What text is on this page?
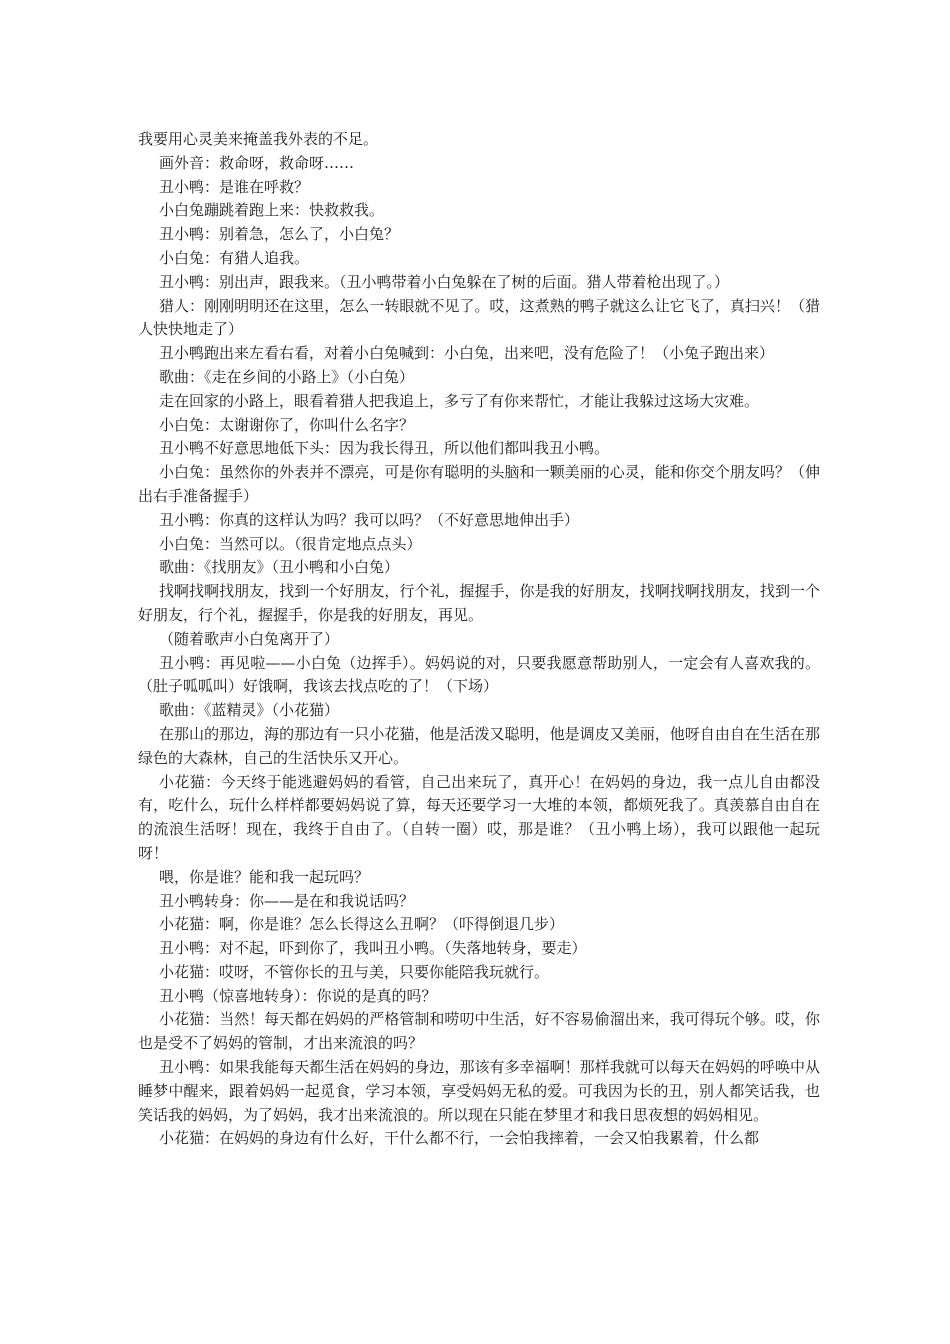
我要用心灵美来掩盖我外表的不足。

画外音：救命呀，救命呀……

丑小鸭：是谁在呼救？

小白兔蹦跳着跑上来：快救救我。

丑小鸭：别着急，怎么了，小白兔？

小白兔：有猎人追我。

丑小鸭：别出声，跟我来。（丑小鸭带着小白兔躲在了树的后面。猎人带着枪出现了。）

猎人：刚刚明明还在这里，怎么一转眼就不见了。哎，这煮熟的鸭子就这么让它飞了，真扫兴！（猎人快快地走了）

丑小鸭跑出来左看右看，对着小白兔喊到：小白兔，出来吧，没有危险了！（小兔子跑出来）

歌曲：《走在乡间的小路上》（小白兔）

走在回家的小路上，眼看着猎人把我追上，多亏了有你来帮忙，才能让我躲过这场大灾难。

小白兔：太谢谢你了，你叫什么名字？

丑小鸭不好意思地低下头：因为我长得丑，所以他们都叫我丑小鸭。

小白兔：虽然你的外表并不漂亮，可是你有聪明的头脑和一颗美丽的心灵，能和你交个朋友吗？（伸出右手准备握手）

丑小鸭：你真的这样认为吗？我可以吗？（不好意思地伸出手）

小白兔：当然可以。（很肯定地点点头）

歌曲：《找朋友》（丑小鸭和小白兔）

找啊找啊找朋友，找到一个好朋友，行个礼，握握手，你是我的好朋友，找啊找啊找朋友，找到一个好朋友，行个礼，握握手，你是我的好朋友，再见。

（随着歌声小白兔离开了）

丑小鸭：再见啦——小白兔（边挥手）。妈妈说的对，只要我愿意帮助别人，一定会有人喜欢我的。（肚子呱呱叫）好饿啊，我该去找点吃的了！（下场）

歌曲：《蓝精灵》（小花猫）

在那山的那边，海的那边有一只小花猫，他是活泼又聪明，他是调皮又美丽，他呀自由自在生活在那绿色的大森林，自己的生活快乐又开心。

小花猫：今天终于能逃避妈妈的看管，自己出来玩了，真开心！在妈妈的身边，我一点儿自由都没有，吃什么，玩什么样样都要妈妈说了算，每天还要学习一大堆的本领，都烦死我了。真羡慕自由自在的流浪生活呀！现在，我终于自由了。（自转一圈）哎，那是谁？（丑小鸭上场），我可以跟他一起玩呀！

喂，你是谁？能和我一起玩吗？

丑小鸭转身：你——是在和我说话吗？

小花猫：啊，你是谁？怎么长得这么丑啊？（吓得倒退几步）

丑小鸭：对不起，吓到你了，我叫丑小鸭。（失落地转身，要走）

小花猫：哎呀，不管你长的丑与美，只要你能陪我玩就行。

丑小鸭（惊喜地转身）：你说的是真的吗？

小花猫：当然！每天都在妈妈的严格管制和唠叨中生活，好不容易偷溜出来，我可得玩个够。哎，你也是受不了妈妈的管制，才出来流浪的吗？

丑小鸭：如果我能每天都生活在妈妈的身边，那该有多幸福啊！那样我就可以每天在妈妈的呼唤中从睡梦中醒来，跟着妈妈一起觅食，学习本领，享受妈妈无私的爱。可我因为长的丑，别人都笑话我，也笑话我的妈妈，为了妈妈，我才出来流浪的。所以现在只能在梦里才和我日思夜想的妈妈相见。

小花猫：在妈妈的身边有什么好，干什么都不行，一会怕我摔着，一会又怕我累着，什么都
